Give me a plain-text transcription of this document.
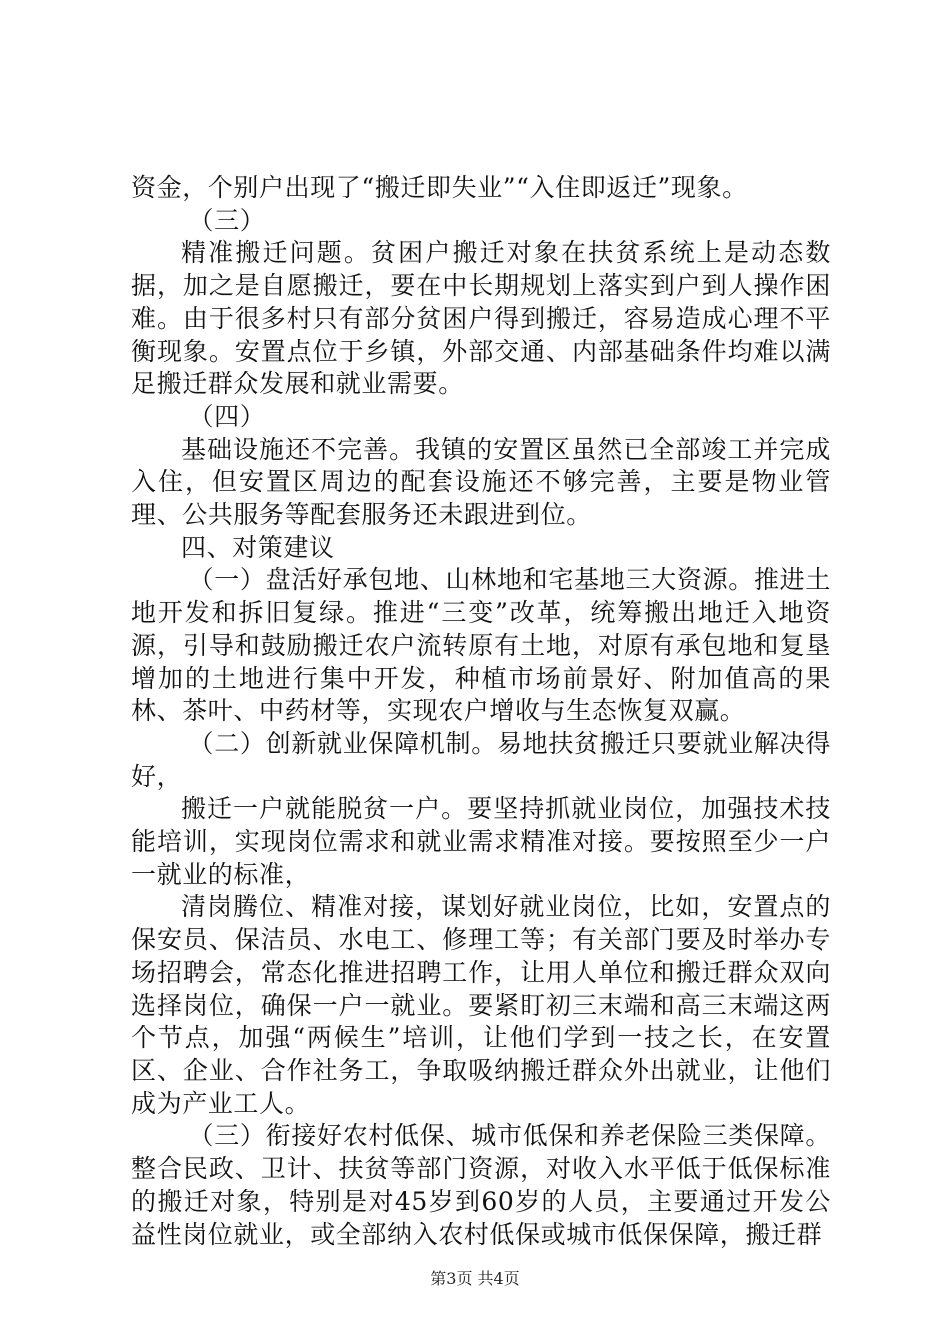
资金，个别户出现了“搬迁即失业”“入住即返迁”现象。

（三）

精准搬迁问题。贫困户搬迁对象在扶贫系统上是动态数据，加之是自愿搬迁，要在中长期规划上落实到户到人操作困难。由于很多村只有部分贫困户得到搬迁，容易造成心理不平衡现象。安置点位于乡镇，外部交通、内部基础条件均难以满足搬迁群众发展和就业需要。

（四）

基础设施还不完善。我镇的安置区虽然已全部竣工并完成入住，但安置区周边的配套设施还不够完善，主要是物业管理、公共服务等配套服务还未跟进到位。

四、对策建议

（一）盘活好承包地、山林地和宅基地三大资源。推进土地开发和拆旧复绿。推进“三变”改革，统筹搬出地迁入地资源，引导和鼓励搬迁农户流转原有土地，对原有承包地和复垦增加的土地进行集中开发，种植市场前景好、附加值高的果林、茶叶、中药材等，实现农户增收与生态恢复双赢。

（二）创新就业保障机制。易地扶贫搬迁只要就业解决得好，

搬迁一户就能脱贫一户。要坚持抓就业岗位，加强技术技能培训，实现岗位需求和就业需求精准对接。要按照至少一户一就业的标准，

清岗腾位、精准对接，谋划好就业岗位，比如，安置点的保安员、保洁员、水电工、修理工等；有关部门要及时举办专场招聘会，常态化推进招聘工作，让用人单位和搬迁群众双向选择岗位，确保一户一就业。要紧盯初三末端和高三末端这两个节点，加强“两候生”培训，让他们学到一技之长，在安置区、企业、合作社务工，争取吸纳搬迁群众外出就业，让他们成为产业工人。

（三）衔接好农村低保、城市低保和养老保险三类保障。整合民政、卫计、扶贫等部门资源，对收入水平低于低保标准的搬迁对象，特别是对45岁到60岁的人员，主要通过开发公益性岗位就业，或全部纳入农村低保或城市低保保障，搬迁群

第3页 共4页
